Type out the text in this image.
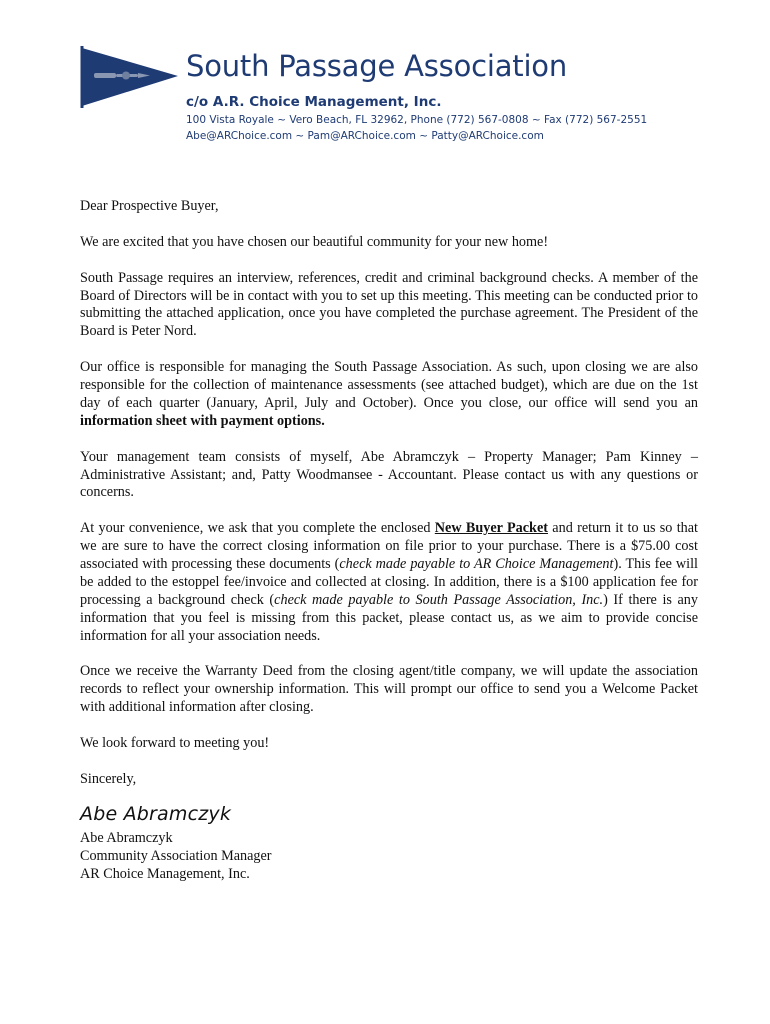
South Passage Association
c/o A.R. Choice Management, Inc.
100 Vista Royale ~ Vero Beach, FL 32962, Phone (772) 567-0808 ~ Fax (772) 567-2551
Abe@ARChoice.com ~ Pam@ARChoice.com ~ Patty@ARChoice.com

Dear Prospective Buyer,

We are excited that you have chosen our beautiful community for your new home!

South Passage requires an interview, references, credit and criminal background checks. A member of the Board of Directors will be in contact with you to set up this meeting. This meeting can be conducted prior to submitting the attached application, once you have completed the purchase agreement. The President of the Board is Peter Nord.

Our office is responsible for managing the South Passage Association. As such, upon closing we are also responsible for the collection of maintenance assessments (see attached budget), which are due on the 1st day of each quarter (January, April, July and October). Once you close, our office will send you an information sheet with payment options.

Your management team consists of myself, Abe Abramczyk – Property Manager; Pam Kinney – Administrative Assistant; and, Patty Woodmansee - Accountant. Please contact us with any questions or concerns.

At your convenience, we ask that you complete the enclosed New Buyer Packet and return it to us so that we are sure to have the correct closing information on file prior to your purchase. There is a $75.00 cost associated with processing these documents (check made payable to AR Choice Management). This fee will be added to the estoppel fee/invoice and collected at closing. In addition, there is a $100 application fee for processing a background check (check made payable to South Passage Association, Inc.) If there is any information that you feel is missing from this packet, please contact us, as we aim to provide concise information for all your association needs.

Once we receive the Warranty Deed from the closing agent/title company, we will update the association records to reflect your ownership information. This will prompt our office to send you a Welcome Packet with additional information after closing.

We look forward to meeting you!

Sincerely,

Abe Abramczyk
Abe Abramczyk
Community Association Manager
AR Choice Management, Inc.
